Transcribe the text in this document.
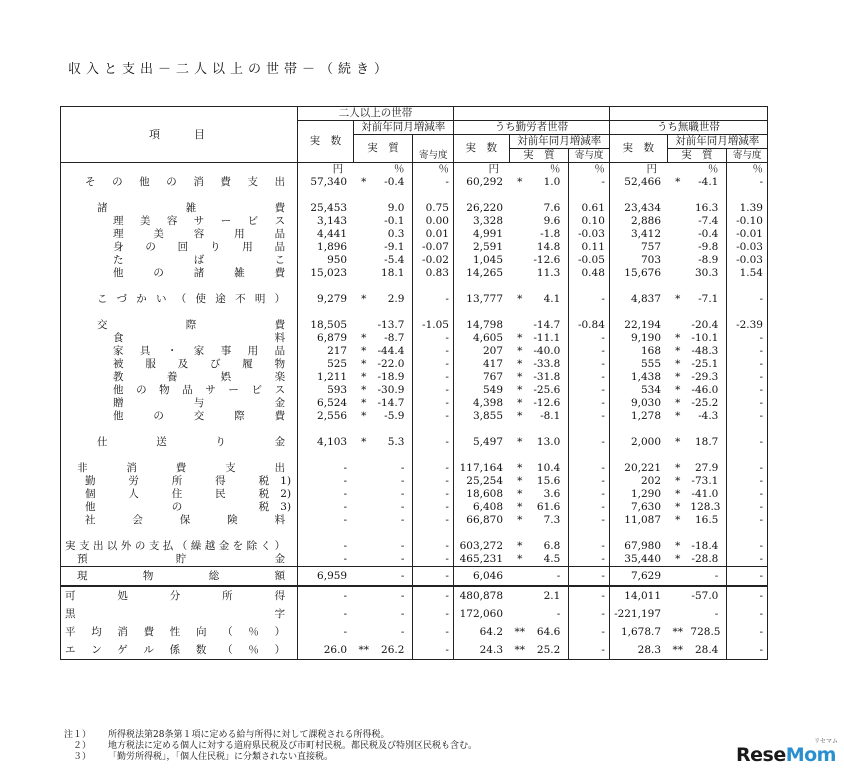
収入と支出－二人以上の世帯－（続き）
項　　目	二人以上の世帯											
	実　数	対前年同月増減率			うち勤労者世帯				うち無職世帯			
		実　質			実　数	対前年同月増減率			実　数	対前年同月増減率		
				寄与度		実　質		寄与度		実　質		寄与度
	円		％	％	円		％	％	円		％	％

その他の消費支出	57,340	*	-0.4	-	60,292	*	1.0	-	52,466	*	-4.1	-

諸　雑　費	25,453		9.0	0.75	26,220		7.6	0.61	23,434		16.3	1.39

理美容サービス	3,143		-0.1	0.00	3,328		9.6	0.10	2,886		-7.4	-0.10

理美容用品	4,441		0.3	0.01	4,991		-1.8	-0.03	3,412		-0.4	-0.01

身の回り用品	1,896		-9.1	-0.07	2,591		14.8	0.11	757		-9.8	-0.03

たばこ	950		-5.4	-0.02	1,045		-12.6	-0.05	703		-8.9	-0.03

他の諸雑費	15,023		18.1	0.83	14,265		11.3	0.48	15,676		30.3	1.54

こづかい（使途不明）	9,279	*	2.9	-	13,777	*	4.1	-	4,837	*	-7.1	-

交　際　費	18,505		-13.7	-1.05	14,798		-14.7	-0.84	22,194		-20.4	-2.39

食　　料	6,879	*	-8.7	-	4,605	*	-11.1	-	9,190	*	-10.1	-

家具・家事用品	217	*	-44.4	-	207	*	-40.0	-	168	*	-48.3	-

被服及び履物	525	*	-22.0	-	417	*	-33.8	-	555	*	-25.1	-

教養娯楽	1,211	*	-18.9	-	767	*	-31.8	-	1,438	*	-29.3	-

他の物品サービス	593	*	-30.9	-	549	*	-25.6	-	534	*	-46.0	-

贈　与　金	6,524	*	-14.7	-	4,398	*	-12.6	-	9,030	*	-25.2	-

他の交際費	2,556	*	-5.9	-	3,855	*	-8.1	-	1,278	*	-4.3	-

仕　送　り　金	4,103	*	5.3	-	5,497	*	13.0	-	2,000	*	18.7	-

非消費支出	-		-	-	117,164	*	10.4	-	20,221	*	27.9	-

勤労所得税 1)	-		-	-	25,254	*	15.6	-	202	*	-73.1	-

個人住民税 2)	-		-	-	18,608	*	3.6	-	1,290	*	-41.0	-

他　の　税 3)	-		-	-	6,408	*	61.6	-	7,630	*	128.3	-

社会保険料	-		-	-	66,870	*	7.3	-	11,087	*	16.5	-

実支出以外の支払（繰越金を除く）	-		-	-	603,272	*	6.8	-	67,980	*	-18.4	-

預　　貯　　金	-		-	-	465,231	*	4.5	-	35,440	*	-28.8	-

現　物　総　額	6,959		-	-	6,046		-	-	7,629		-	-

可　処　分　所　得	-		-	-	480,878		2.1	-	14,011		-57.0	-

黒　　　字	-		-	-	172,060		-	-	-221,197		-	-

平均消費性向（％）	-		-	-	64.2	**	64.6	-	1,678.7	**	728.5	-

エンゲル係数（％）	26.0	**	26.2	-	24.3	**	25.2	-	28.3	**	28.4	-
注１） 所得税法第28条第１項に定める給与所得に対して課税される所得税。
　２） 地方税法に定める個人に対する道府県民税及び市町村民税。都民税及び特別区民税も含む。
　３） 「勤労所得税」，「個人住民税」に分類されない直接税。	ReseMom
リセマム
